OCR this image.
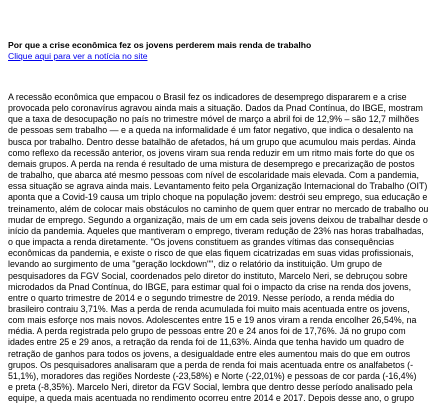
Por que a crise econômica fez os jovens perderem mais renda de trabalho

Clique aqui para ver a notícia no site

A recessão econômica que empacou o Brasil fez os indicadores de desemprego dispararem e a crise
provocada pelo coronavírus agravou ainda mais a situação. Dados da Pnad Contínua, do IBGE, mostram
que a taxa de desocupação no país no trimestre móvel de março a abril foi de 12,9% – são 12,7 milhões
de pessoas sem trabalho — e a queda na informalidade é um fator negativo, que indica o desalento na
busca por trabalho. Dentro desse batalhão de afetados, há um grupo que acumulou mais perdas. Ainda
como reflexo da recessão anterior, os jovens viram sua renda reduzir em um ritmo mais forte do que os
demais grupos. A perda na renda é resultado de uma mistura de desemprego e precarização de postos
de trabalho, que abarca até mesmo pessoas com nível de escolaridade mais elevada. Com a pandemia,
essa situação se agrava ainda mais. Levantamento feito pela Organização Internacional do Trabalho (OIT)
aponta que a Covid-19 causa um triplo choque na população jovem: destrói seu emprego, sua educação e
treinamento, além de colocar mais obstáculos no caminho de quem quer entrar no mercado de trabalho ou
mudar de emprego. Segundo a organização, mais de um em cada seis jovens deixou de trabalhar desde o
início da pandemia. Aqueles que mantiveram o emprego, tiveram redução de 23% nas horas trabalhadas,
o que impacta a renda diretamente. "Os jovens constituem as grandes vítimas das consequências
econômicas da pandemia, e existe o risco de que elas fiquem cicatrizadas em suas vidas profissionais,
levando ao surgimento de uma "geração lockdown"", diz o relatório da instituição. Um grupo de
pesquisadores da FGV Social, coordenados pelo diretor do instituto, Marcelo Neri, se debruçou sobre
microdados da Pnad Contínua, do IBGE, para estimar qual foi o impacto da crise na renda dos jovens,
entre o quarto trimestre de 2014 e o segundo trimestre de 2019. Nesse período, a renda média do
brasileiro contraiu 3,71%. Mas a perda de renda acumulada foi muito mais acentuada entre os jovens,
com mais esforçe nos mais novos. Adolescentes entre 15 e 19 anos viram a renda encolher 26,54%, na
média. A perda registrada pelo grupo de pessoas entre 20 e 24 anos foi de 17,76%. Já no grupo com
idades entre 25 e 29 anos, a retração da renda foi de 11,63%. Ainda que tenha havido um quadro de
retração de ganhos para todos os jovens, a desigualdade entre eles aumentou mais do que em outros
grupos. Os pesquisadores analisaram que a perda de renda foi mais acentuada entre os analfabetos (-
51,1%), moradores das regiões Nordeste (-23,58%) e Norte (-22,01%) e pessoas de cor parda (-16,4%)
e preta (-8,35%). Marcelo Neri, diretor da FGV Social, lembra que dentro desse período analisado pela
equipe, a queda mais acentuada no rendimento ocorreu entre 2014 e 2017. Depois desse ano, o grupo
